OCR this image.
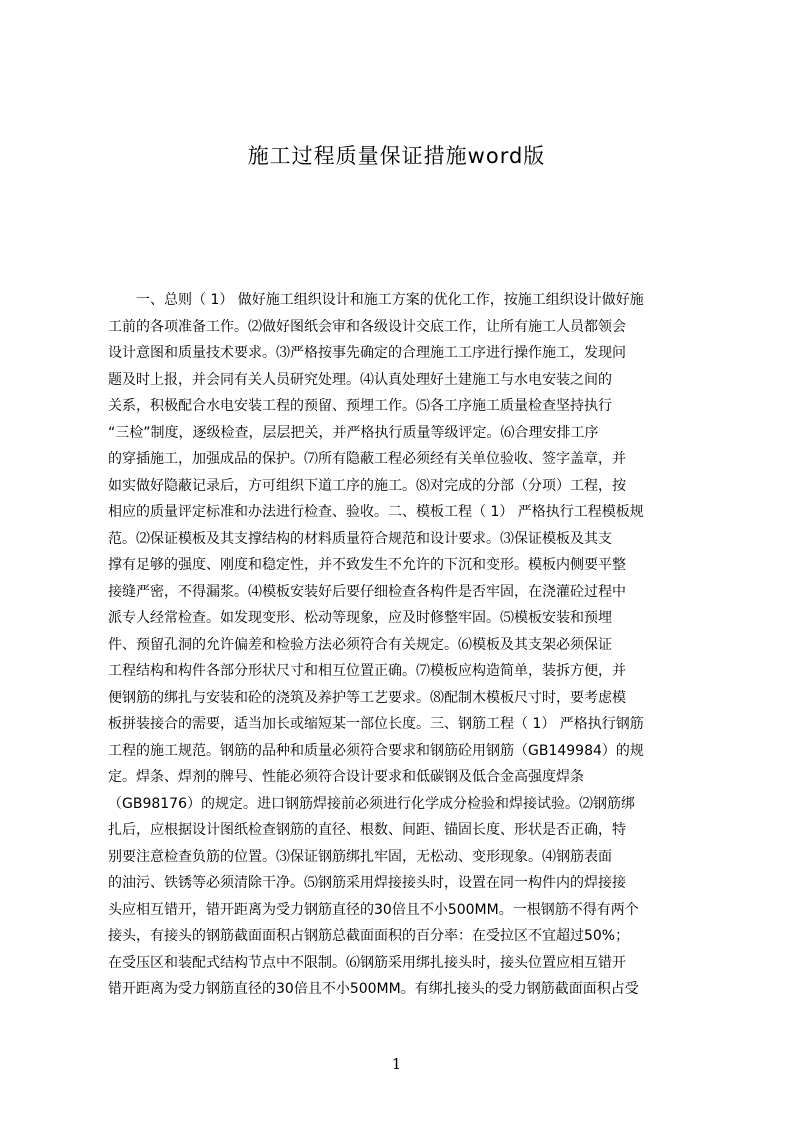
施工过程质量保证措施word版
　　一、总则（ 1） 做好施工组织设计和施工方案的优化工作，按施工组织设计做好施
工前的各项准备工作。⑵做好图纸会审和各级设计交底工作，让所有施工人员都领会
设计意图和质量技术要求。⑶严格按事先确定的合理施工工序进行操作施工，发现问
题及时上报，并会同有关人员研究处理。⑷认真处理好土建施工与水电安装之间的
关系，积极配合水电安装工程的预留、预埋工作。⑸各工序施工质量检查坚持执行
“三检”制度，逐级检查，层层把关，并严格执行质量等级评定。⑹合理安排工序
的穿插施工，加强成品的保护。⑺所有隐蔽工程必须经有关单位验收、签字盖章，并
如实做好隐蔽记录后，方可组织下道工序的施工。⑻对完成的分部（分项）工程，按
相应的质量评定标准和办法进行检查、验收。二、模板工程（ 1） 严格执行工程模板规
范。⑵保证模板及其支撑结构的材料质量符合规范和设计要求。⑶保证模板及其支
撑有足够的强度、刚度和稳定性，并不致发生不允许的下沉和变形。模板内侧要平整
接缝严密，不得漏浆。⑷模板安装好后要仔细检查各构件是否牢固，在浇灌砼过程中
派专人经常检查。如发现变形、松动等现象，应及时修整牢固。⑸模板安装和预埋
件、预留孔洞的允许偏差和检验方法必须符合有关规定。⑹模板及其支架必须保证
工程结构和构件各部分形状尺寸和相互位置正确。⑺模板应构造简单，装拆方便，并
便钢筋的绑扎与安装和砼的浇筑及养护等工艺要求。⑻配制木模板尺寸时，要考虑模
板拼装接合的需要，适当加长或缩短某一部位长度。三、钢筋工程（ 1） 严格执行钢筋
工程的施工规范。钢筋的品种和质量必须符合要求和钢筋砼用钢筋（GB149984）的规
定。焊条、焊剂的牌号、性能必须符合设计要求和低碳钢及低合金高强度焊条
（GB98176）的规定。进口钢筋焊接前必须进行化学成分检验和焊接试验。⑵钢筋绑
扎后，应根据设计图纸检查钢筋的直径、根数、间距、锚固长度、形状是否正确，特
别要注意检查负筋的位置。⑶保证钢筋绑扎牢固，无松动、变形现象。⑷钢筋表面
的油污、铁锈等必须清除干净。⑸钢筋采用焊接接头时，设置在同一构件内的焊接接
头应相互错开，错开距离为受力钢筋直径的30倍且不小500MM。一根钢筋不得有两个
接头，有接头的钢筋截面面积占钢筋总截面面积的百分率：在受拉区不宜超过50%；
在受压区和装配式结构节点中不限制。⑹钢筋采用绑扎接头时，接头位置应相互错开
错开距离为受力钢筋直径的30倍且不小500MM。有绑扎接头的受力钢筋截面面积占受
1
